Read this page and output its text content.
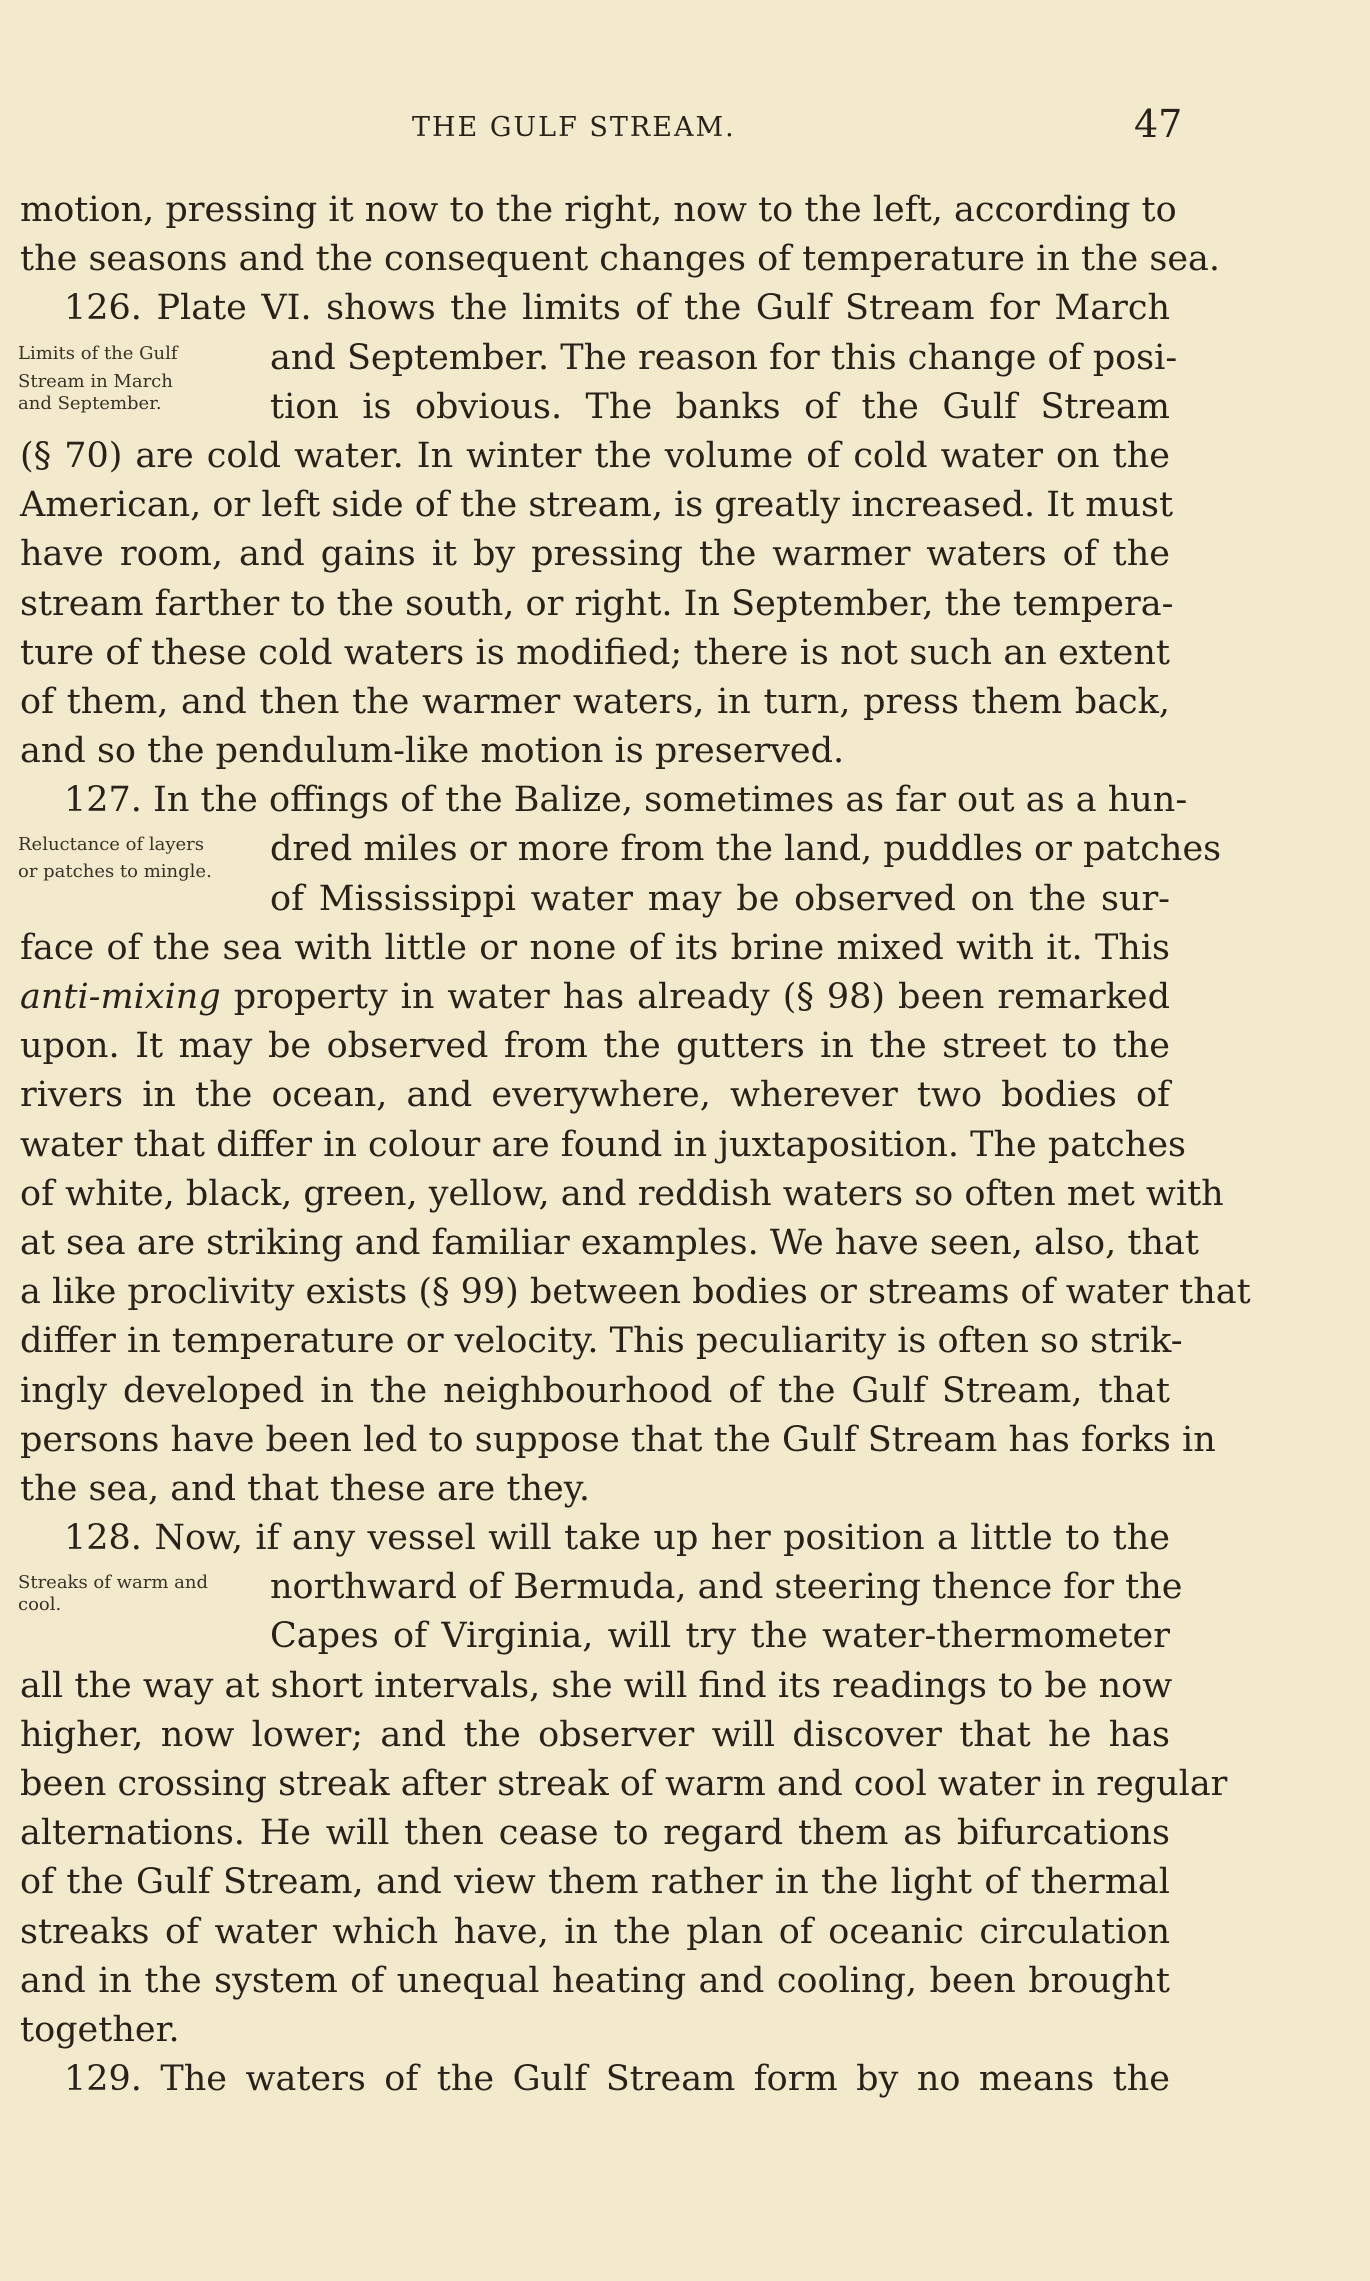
THE GULF STREAM.	47
motion, pressing it now to the right, now to the left, according to
the seasons and the consequent changes of temperature in the sea.
126. Plate VI. shows the limits of the Gulf Stream for March
Limits of the Gulf	and September. The reason for this change of posi-
Stream in March
and September.	tion is obvious. The banks of the Gulf Stream
(§ 70) are cold water. In winter the volume of cold water on the
American, or left side of the stream, is greatly increased. It must
have room, and gains it by pressing the warmer waters of the
stream farther to the south, or right. In September, the tempera-
ture of these cold waters is modified; there is not such an extent
of them, and then the warmer waters, in turn, press them back,
and so the pendulum-like motion is preserved.
127. In the offings of the Balize, sometimes as far out as a hun-
Reluctance of layers	dred miles or more from the land, puddles or patches
or patches to mingle.
of Mississippi water may be observed on the sur-
face of the sea with little or none of its brine mixed with it. This
anti-mixing property in water has already (§ 98) been remarked
upon. It may be observed from the gutters in the street to the
rivers in the ocean, and everywhere, wherever two bodies of
water that differ in colour are found in juxtaposition. The patches
of white, black, green, yellow, and reddish waters so often met with
at sea are striking and familiar examples. We have seen, also, that
a like proclivity exists (§ 99) between bodies or streams of water that
differ in temperature or velocity. This peculiarity is often so strik-
ingly developed in the neighbourhood of the Gulf Stream, that
persons have been led to suppose that the Gulf Stream has forks in
the sea, and that these are they.
128. Now, if any vessel will take up her position a little to the
Streaks of warm and
cool.	northward of Bermuda, and steering thence for the
Capes of Virginia, will try the water-thermometer
all the way at short intervals, she will find its readings to be now
higher, now lower; and the observer will discover that he has
been crossing streak after streak of warm and cool water in regular
alternations. He will then cease to regard them as bifurcations
of the Gulf Stream, and view them rather in the light of thermal
streaks of water which have, in the plan of oceanic circulation
and in the system of unequal heating and cooling, been brought
together.
129. The waters of the Gulf Stream form by no means the
